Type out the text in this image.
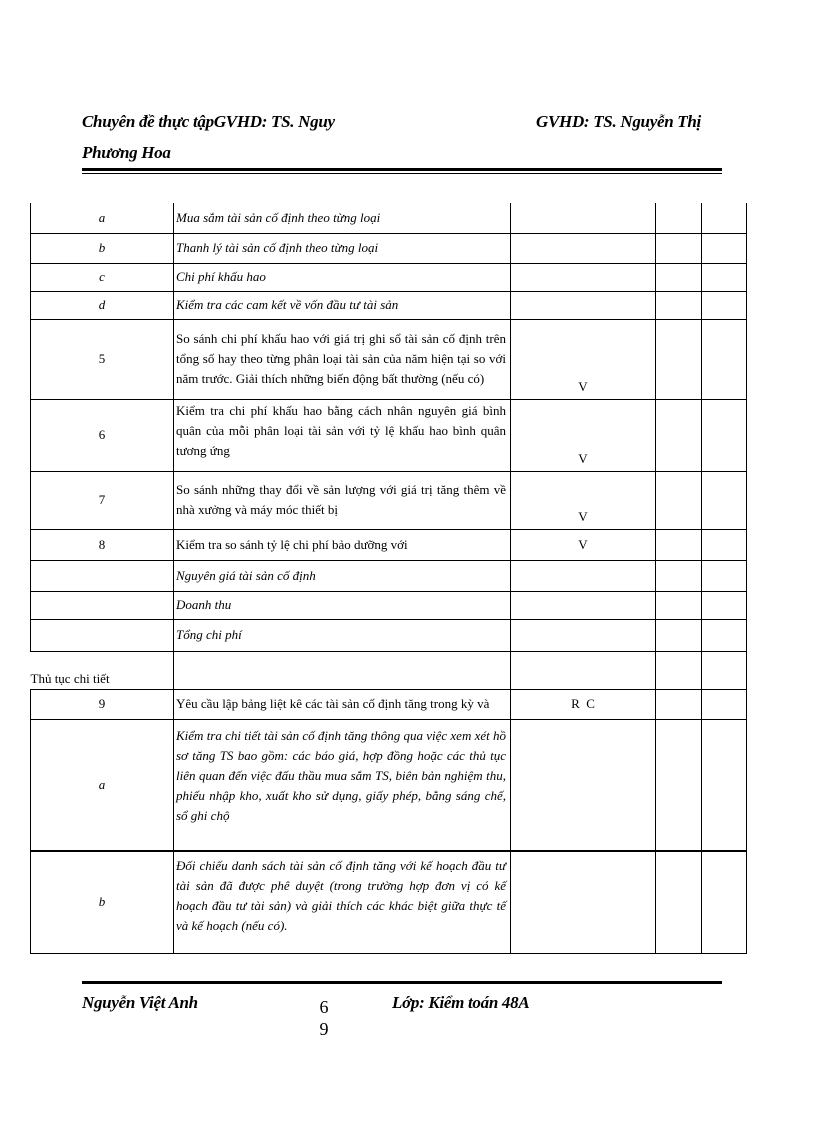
Chuyên đề thực tậpGVHD: TS. Nguy
Phương Hoa
GVHD: TS. Nguyễn Thị
a	Mua sắm tài sản cố định theo từng loại			
b	Thanh lý tài sản cố định theo từng loại			
c	Chi phí khấu hao			
d	Kiểm tra các cam kết về vốn đầu tư tài sản			
5	So sánh chi phí khấu hao với giá trị ghi sổ tài sản cố định trên tổng số hay theo từng phân loại tài sản của năm hiện tại so với năm trước. Giải thích những biến động bất thường (nếu có)	V		

6	Kiểm tra chi phí khấu hao bằng cách nhân nguyên giá bình quân của mỗi phân loại tài sản với tỷ lệ khấu hao bình quân tương ứng	V		

7	So sánh những thay đổi về sản lượng với giá trị tăng thêm về nhà xưởng và máy móc thiết bị	V		

8	Kiểm tra so sánh tỷ lệ chi phí bảo dưỡng với	V		
	Nguyên giá tài sản cố định			
	Doanh thu			
	Tổng chi phí			
Thủ tục chi tiết				
9	Yêu cầu lập bảng liệt kê các tài sản cố định tăng trong kỳ và	R  C		
a	Kiểm tra chi tiết tài sản cố định tăng thông qua việc xem xét hồ sơ tăng TS bao gồm: các báo giá, hợp đồng hoặc các thủ tục liên quan đến việc đấu thầu mua sắm TS, biên bản nghiệm thu, phiếu nhập kho, xuất kho sử dụng, giấy phép, bằng sáng chế, sổ ghi chộ			
b	Đối chiếu danh sách tài sản cố định tăng với kế hoạch đầu tư tài sản đã được phê duyệt (trong trường hợp đơn vị có kế hoạch đầu tư tài sản) và giải thích các khác biệt giữa thực tế và kế hoạch (nếu có).			
Nguyễn Việt Anh	6
9
Lớp: Kiểm toán 48A
